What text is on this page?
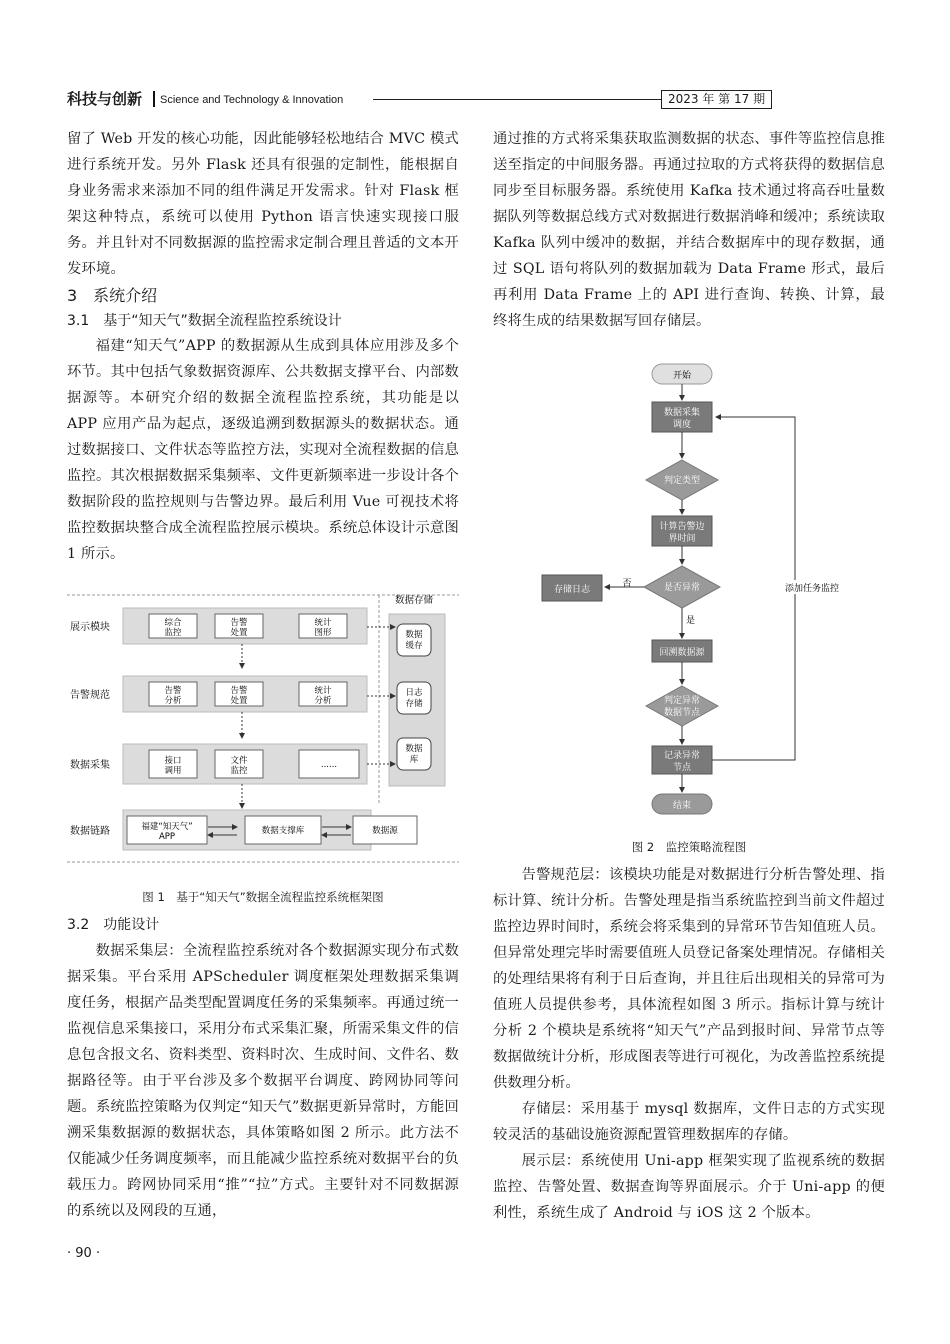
科技与创新 Science and Technology & Innovation	2023 年 第 17 期

留了 Web 开发的核心功能，因此能够轻松地结合 MVC 模式进行系统开发。另外 Flask 还具有很强的定制性，能根据自身业务需求来添加不同的组件满足开发需求。针对 Flask 框架这种特点，系统可以使用 Python 语言快速实现接口服务。并且针对不同数据源的监控需求定制合理且普适的文本开发环境。

3　系统介绍
3.1　基于“知天气”数据全流程监控系统设计

福建“知天气”APP 的数据源从生成到具体应用涉及多个环节。其中包括气象数据资源库、公共数据支撑平台、内部数据源等。本研究介绍的数据全流程监控系统，其功能是以 APP 应用产品为起点，逐级追溯到数据源头的数据状态。通过数据接口、文件状态等监控方法，实现对全流程数据的信息监控。其次根据数据采集频率、文件更新频率进一步设计各个数据阶段的监控规则与告警边界。最后利用 Vue 可视技术将监控数据块整合成全流程监控展示模块。系统总体设计示意图 1 所示。

数据存储
展示模块	综合
监控
告警
处置
统计
图形
告警规范	告警
分析
告警
处置
统计
分析
数据采集	接口
调用
文件
监控
......
数据链路	福建“知天气”
APP
数据支撑库	数据源
数据
缓存
日志
存储
数据
库
图 1　基于“知天气”数据全流程监控系统框架图
3.2　功能设计

数据采集层：全流程监控系统对各个数据源实现分布式数据采集。平台采用 APScheduler 调度框架处理数据采集调度任务，根据产品类型配置调度任务的采集频率。再通过统一监视信息采集接口，采用分布式采集汇聚，所需采集文件的信息包含报文名、资料类型、资料时次、生成时间、文件名、数据路径等。由于平台涉及多个数据平台调度、跨网协同等问题。系统监控策略为仅判定“知天气”数据更新异常时，方能回溯采集数据源的数据状态，具体策略如图 2 所示。此方法不仅能减少任务调度频率，而且能减少监控系统对数据平台的负载压力。跨网协同采用“推”“拉”方式。主要针对不同数据源的系统以及网段的互通，

通过推的方式将采集获取监测数据的状态、事件等监控信息推送至指定的中间服务器。再通过拉取的方式将获得的数据信息同步至目标服务器。系统使用 Kafka 技术通过将高吞吐量数据队列等数据总线方式对数据进行数据消峰和缓冲；系统读取 Kafka 队列中缓冲的数据，并结合数据库中的现存数据，通过 SQL 语句将队列的数据加载为 Data Frame 形式，最后再利用 Data Frame 上的 API 进行查询、转换、计算，最终将生成的结果数据写回存储层。

开始
数据采集
调度
判定类型
计算告警边
界时间
是否异常
否
存储日志
是
回溯数据源
判定异常
数据节点
记录异常
节点
结束
添加任务监控
图 2　监控策略流程图

告警规范层：该模块功能是对数据进行分析告警处理、指标计算、统计分析。告警处理是指当系统监控到当前文件超过监控边界时间时，系统会将采集到的异常环节告知值班人员。但异常处理完毕时需要值班人员登记备案处理情况。存储相关的处理结果将有利于日后查询，并且往后出现相关的异常可为值班人员提供参考，具体流程如图 3 所示。指标计算与统计分析 2 个模块是系统将“知天气”产品到报时间、异常节点等数据做统计分析，形成图表等进行可视化，为改善监控系统提供数理分析。

存储层：采用基于 mysql 数据库，文件日志的方式实现较灵活的基础设施资源配置管理数据库的存储。

展示层：系统使用 Uni-app 框架实现了监视系统的数据监控、告警处置、数据查询等界面展示。介于 Uni-app 的便利性，系统生成了 Android 与 iOS 这 2 个版本。

· 90 ·
